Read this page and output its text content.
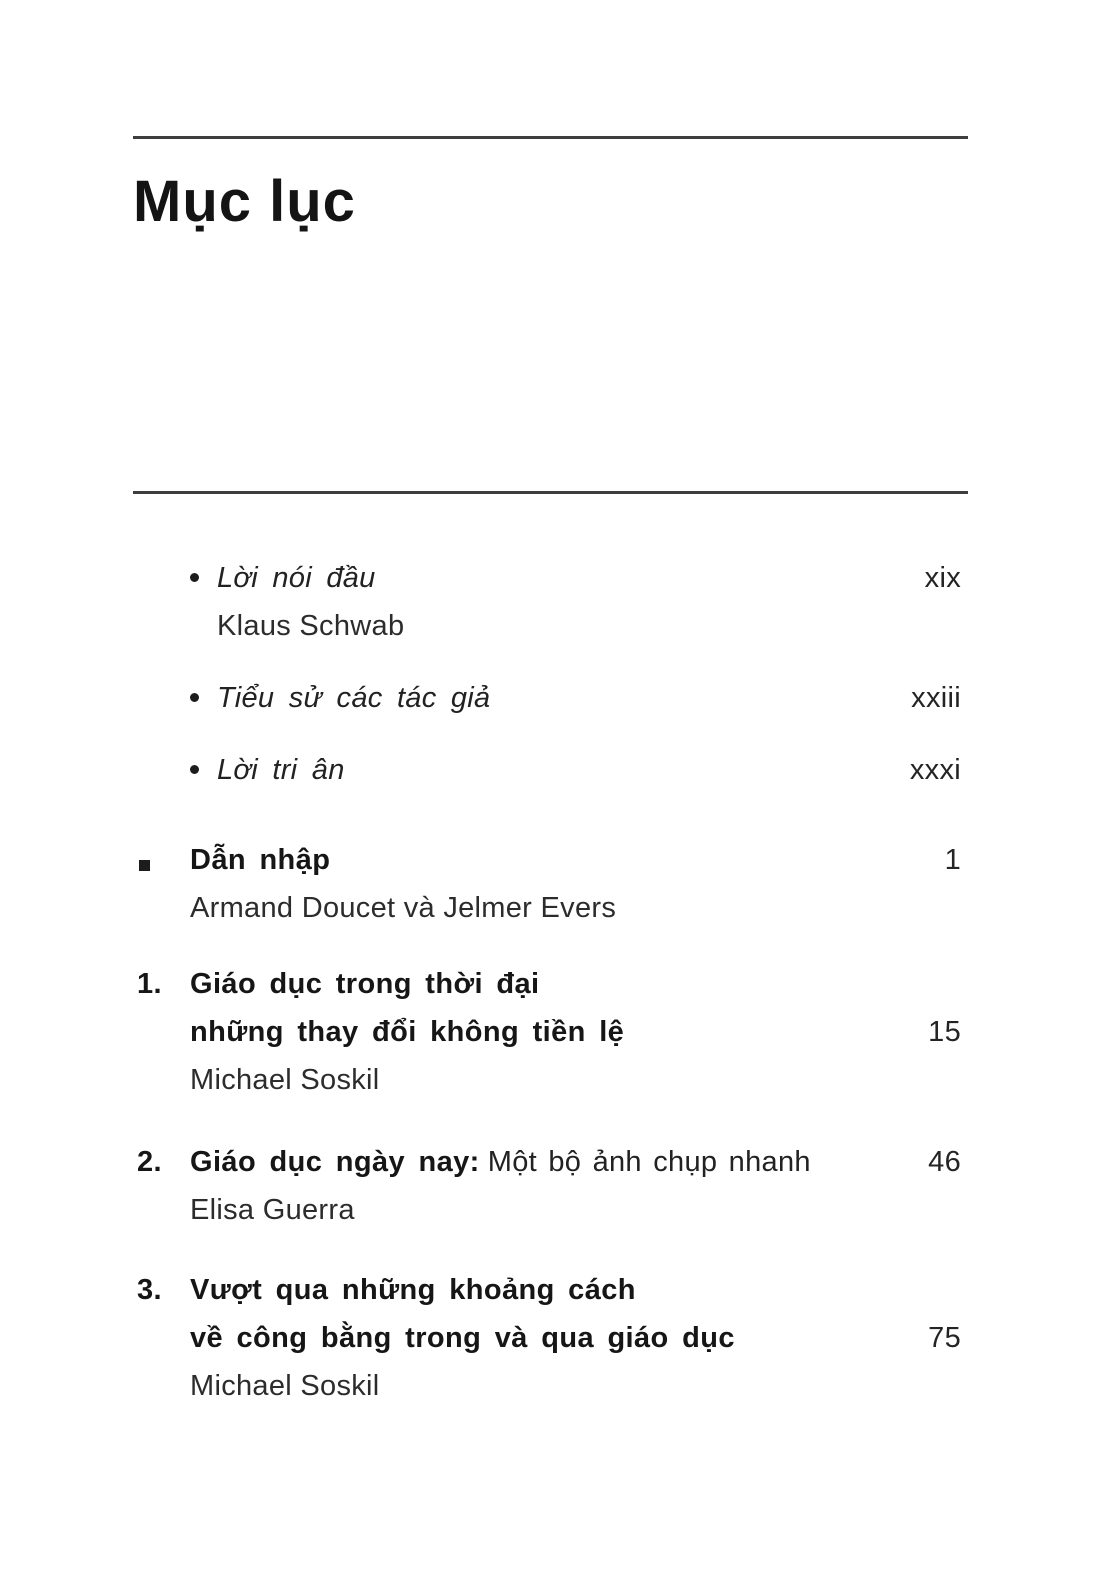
Mục lục
Lời nói đầu
Klaus Schwab
xix
Tiểu sử các tác giả	xxiii
Lời tri ân	xxxi
Dẫn nhập
Armand Doucet và Jelmer Evers
1
1. Giáo dục trong thời đại
những thay đổi không tiền lệ
Michael Soskil
15
2. Giáo dục ngày nay: Một bộ ảnh chụp nhanh
Elisa Guerra
46
3. Vượt qua những khoảng cách
về công bằng trong và qua giáo dục
Michael Soskil
75
